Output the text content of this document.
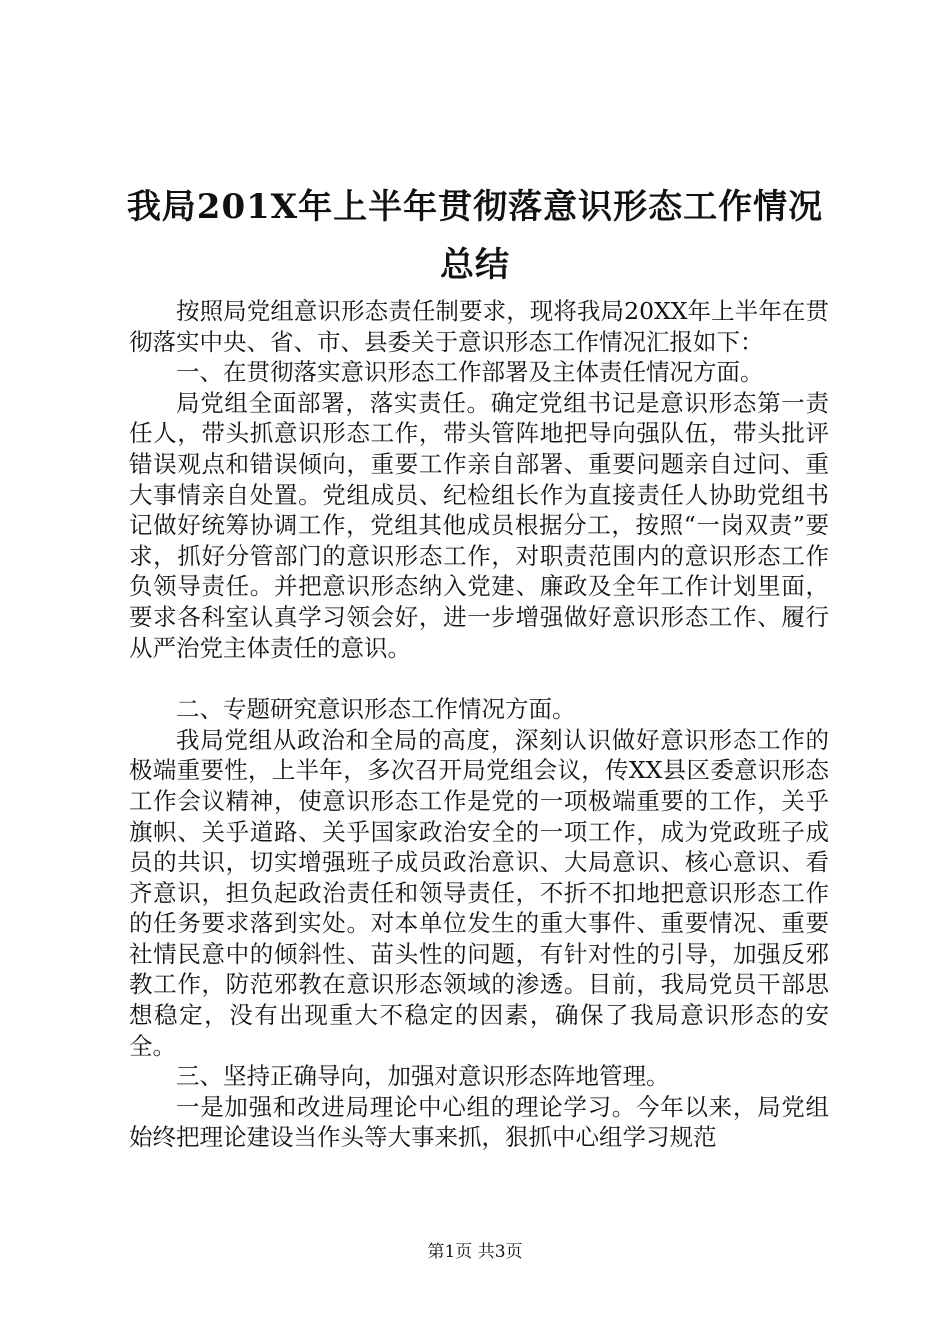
我局201X年上半年贯彻落意识形态工作情况
总结

按照局党组意识形态责任制要求，现将我局20XX年上半年在贯彻落实中央、省、市、县委关于意识形态工作情况汇报如下：

一、在贯彻落实意识形态工作部署及主体责任情况方面。

局党组全面部署，落实责任。确定党组书记是意识形态第一责任人，带头抓意识形态工作，带头管阵地把导向强队伍，带头批评错误观点和错误倾向，重要工作亲自部署、重要问题亲自过问、重大事情亲自处置。党组成员、纪检组长作为直接责任人协助党组书记做好统筹协调工作，党组其他成员根据分工，按照“一岗双责”要求，抓好分管部门的意识形态工作，对职责范围内的意识形态工作负领导责任。并把意识形态纳入党建、廉政及全年工作计划里面，要求各科室认真学习领会好，进一步增强做好意识形态工作、履行从严治党主体责任的意识。

二、专题研究意识形态工作情况方面。

我局党组从政治和全局的高度，深刻认识做好意识形态工作的极端重要性，上半年，多次召开局党组会议，传XX县区委意识形态工作会议精神，使意识形态工作是党的一项极端重要的工作，关乎旗帜、关乎道路、关乎国家政治安全的一项工作，成为党政班子成员的共识，切实增强班子成员政治意识、大局意识、核心意识、看齐意识，担负起政治责任和领导责任，不折不扣地把意识形态工作的任务要求落到实处。对本单位发生的重大事件、重要情况、重要社情民意中的倾斜性、苗头性的问题，有针对性的引导，加强反邪教工作，防范邪教在意识形态领域的渗透。目前，我局党员干部思想稳定，没有出现重大不稳定的因素，确保了我局意识形态的安全。

三、坚持正确导向，加强对意识形态阵地管理。

一是加强和改进局理论中心组的理论学习。今年以来，局党组始终把理论建设当作头等大事来抓，狠抓中心组学习规范

第1页 共3页
